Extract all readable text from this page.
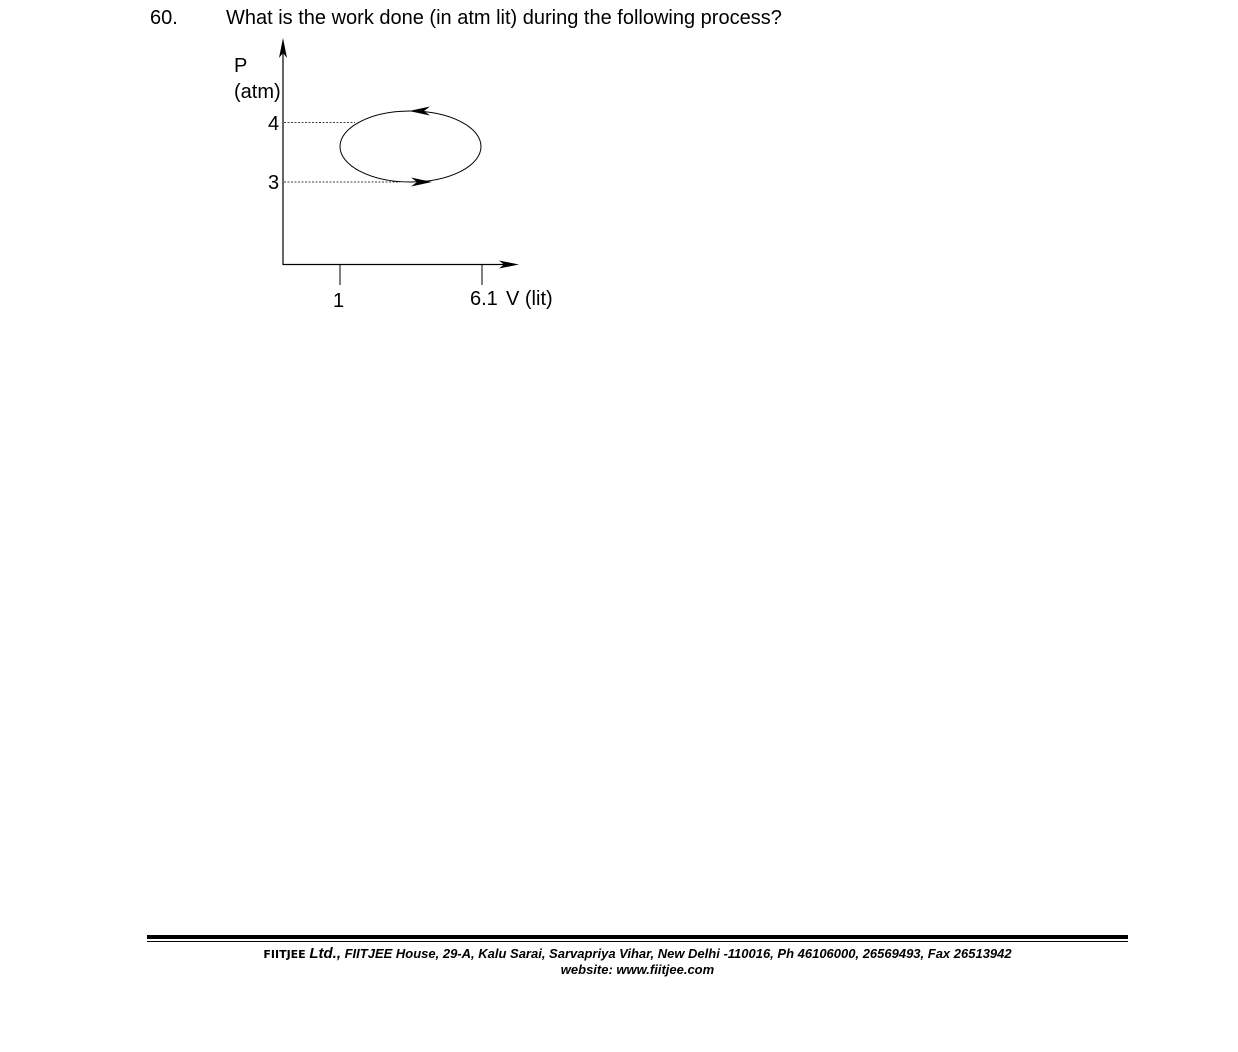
60. What is the work done (in atm lit) during the following process?
P
(atm)
4
3
1	6.1 V (lit)
FIITJEE Ltd., FIITJEE House, 29-A, Kalu Sarai, Sarvapriya Vihar, New Delhi -110016, Ph 46106000, 26569493, Fax 26513942
website: www.fiitjee.com
